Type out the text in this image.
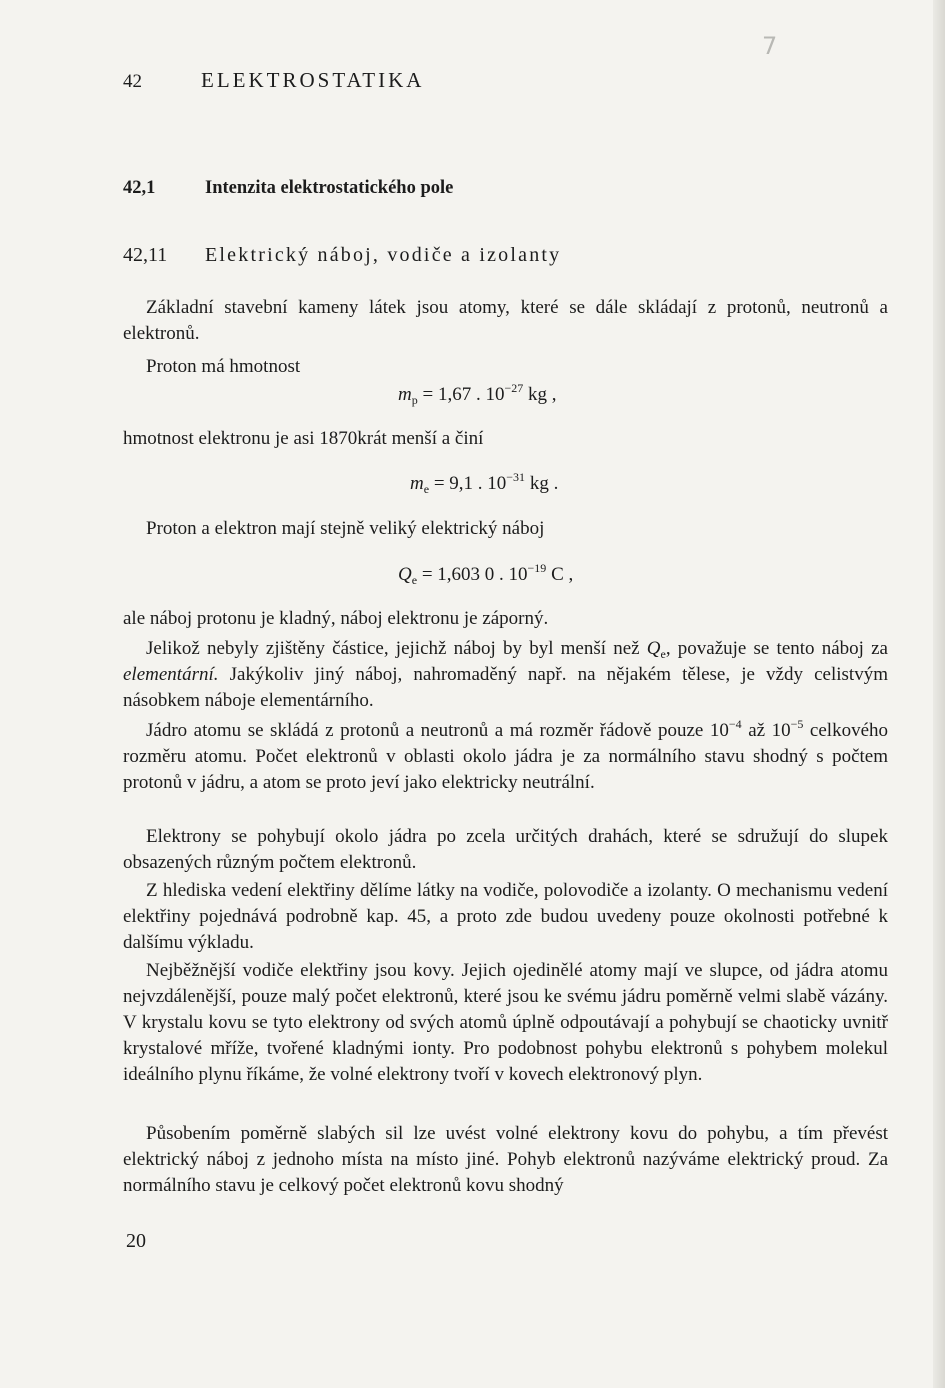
7
42	ELEKTROSTATIKA
42,1	Intenzita elektrostatického pole
42,11 Elektrický náboj, vodiče a izolanty
Základní stavební kameny látek jsou atomy, které se dále skládají z protonů, neutronů a elektronů.
Proton má hmotnost
$m_p = 1,67$ . $10^{-27}$ kg ,
hmotnost elektronu je asi 1870krát menší a činí
$m_e = 9,1$ . $10^{-31}$ kg .
Proton a elektron mají stejně veliký elektrický náboj
$Q_e = 1,603$ 0 . $10^{-19}$ C ,
ale náboj protonu je kladný, náboj elektronu je záporný.
Jelikož nebyly zjištěny částice, jejichž náboj by byl menší než $Q_e$, považuje se tento náboj za elementární. Jakýkoliv jiný náboj, nahromaděný např. na nějakém tělese, je vždy celistvým násobkem náboje elementárního.
Jádro atomu se skládá z protonů a neutronů a má rozměr řádově pouze $10^{-4}$ až $10^{-5}$ celkového rozměru atomu. Počet elektronů v oblasti okolo jádra je za normálního stavu shodný s počtem protonů v jádru, a atom se proto jeví jako elektricky neutrální.
Elektrony se pohybují okolo jádra po zcela určitých drahách, které se sdružují do slupek obsazených různým počtem elektronů.
Z hlediska vedení elektřiny dělíme látky na vodiče, polovodiče a izolanty. O mechanismu vedení elektřiny pojednává podrobně kap. 45, a proto zde budou uvedeny pouze okolnosti potřebné k dalšímu výkladu.
Nejběžnější vodiče elektřiny jsou kovy. Jejich ojedinělé atomy mají ve slupce, od jádra atomu nejvzdálenější, pouze malý počet elektronů, které jsou ke svému jádru poměrně velmi slabě vázány. V krystalu kovu se tyto elektrony od svých atomů úplně odpoutávají a pohybují se chaoticky uvnitř krystalové mříže, tvořené kladnými ionty. Pro podobnost pohybu elektronů s pohybem molekul ideálního plynu říkáme, že volné elektrony tvoří v kovech elektronový plyn.
Působením poměrně slabých sil lze uvést volné elektrony kovu do pohybu, a tím převést elektrický náboj z jednoho místa na místo jiné. Pohyb elektronů nazýváme elektrický proud. Za normálního stavu je celkový počet elektronů kovu shodný
20
